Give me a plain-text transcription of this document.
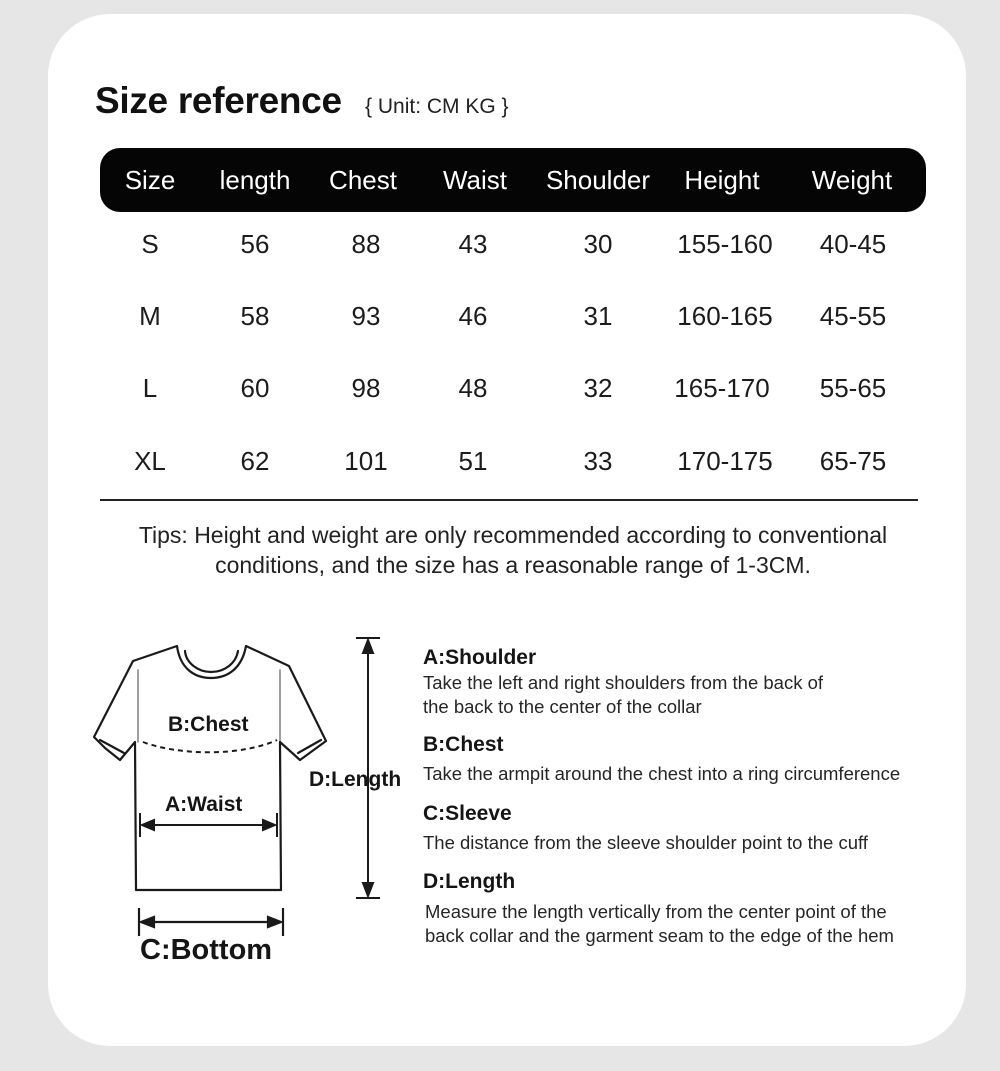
Size reference { Unit: CM KG }
Size length Chest Waist Shoulder Height Weight
S	56	88	43	30 155-160 40-45
M	58	93	46	31 160-165 45-55
L	60	98	48	32 165-170 55-65
XL	62	101	51	33 170-175 65-75
Tips: Height and weight are only recommended according to conventional
conditions, and the size has a reasonable range of 1-3CM.
B:Chest
A:Waist
C:Bottom
D:Length
A:Shoulder
Take the left and right shoulders from the back of
the back to the center of the collar
B:Chest
Take the armpit around the chest into a ring circumference
C:Sleeve
The distance from the sleeve shoulder point to the cuff
D:Length
Measure the length vertically from the center point of the
back collar and the garment seam to the edge of the hem
